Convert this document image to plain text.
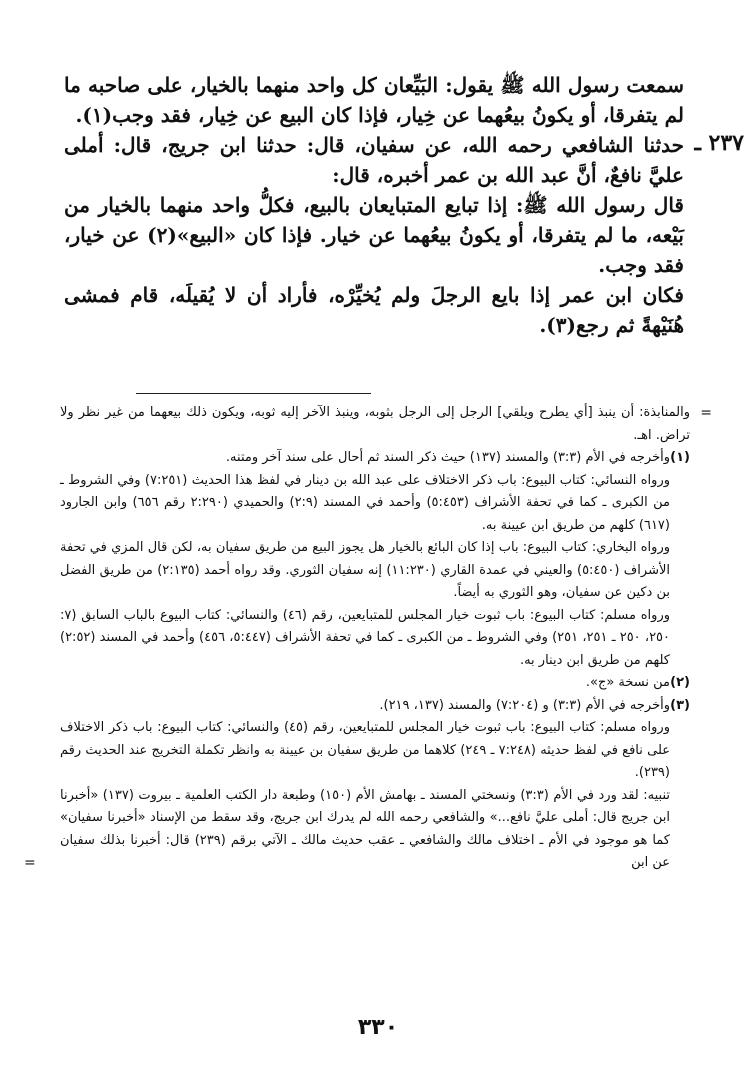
سمعت رسول الله ﷺ يقول: البَيِّعان كل واحد منهما بالخيار، على صاحبه ما لم يتفرقا، أو يكونُ بيعُهما عن خِيار، فإذا كان البيع عن خِيار، فقد وجب(١).

٢٣٧ ـ

حدثنا الشافعي رحمه الله، عن سفيان، قال: حدثنا ابن جريج، قال: أملى عليَّ نافعٌ، أنَّ عبد الله بن عمر أخبره، قال:

قال رسول الله ﷺ: إذا تبايع المتبايعان بالبيع، فكلُّ واحد منهما بالخيار من بَيْعه، ما لم يتفرقا، أو يكونُ بيعُهما عن خيار. فإذا كان «البيع»(٢) عن خيار، فقد وجب.

فكان ابن عمر إذا بايع الرجلَ ولم يُخيِّرْه، فأراد أن لا يُقيلَه، قام فمشى هُنَيْهةً ثم رجع(٣).

=

والمنابذة: أن ينبذ [أي يطرح ويلقي] الرجل إلى الرجل بثوبه، وينبذ الآخر إليه ثوبه، ويكون ذلك بيعهما من غير نظر ولا تراض. اهـ.

(١)

وأخرجه في الأم (٣:٣) والمسند (١٣٧) حيث ذكر السند ثم أحال على سند آخر ومتنه.

ورواه النسائي: كتاب البيوع: باب ذكر الاختلاف على عبد الله بن دينار في لفظ هذا الحديث (٧:٢٥١) وفي الشروط ـ من الكبرى ـ كما في تحفة الأشراف (٥:٤٥٣) وأحمد في المسند (٢:٩) والحميدي (٢:٢٩٠ رقم ٦٥٦) وابن الجارود (٦١٧) كلهم من طريق ابن عيينة به.

ورواه البخاري: كتاب البيوع: باب إذا كان البائع بالخيار هل يجوز البيع من طريق سفيان به، لكن قال المزي في تحفة الأشراف (٥:٤٥٠) والعيني في عمدة القاري (١١:٢٣٠) إنه سفيان الثوري. وقد رواه أحمد (٢:١٣٥) من طريق الفضل بن دكين عن سفيان، وهو الثوري به أيضاً.

ورواه مسلم: كتاب البيوع: باب ثبوت خيار المجلس للمتبايعين، رقم (٤٦) والنسائي: كتاب البيوع بالباب السابق (٧: ٢٥٠، ٢٥٠ ـ ٢٥١، ٢٥١) وفي الشروط ـ من الكبرى ـ كما في تحفة الأشراف (٥:٤٤٧، ٤٥٦) وأحمد في المسند (٢:٥٢) كلهم من طريق ابن دينار به.

(٢)

من نسخة «ج».

(٣)

وأخرجه في الأم (٣:٣) و (٧:٢٠٤) والمسند (١٣٧، ٢١٩).

ورواه مسلم: كتاب البيوع: باب ثبوت خيار المجلس للمتبايعين، رقم (٤٥) والنسائي: كتاب البيوع: باب ذكر الاختلاف على نافع في لفظ حديثه (٧:٢٤٨ ـ ٢٤٩) كلاهما من طريق سفيان بن عيينة به وانظر تكملة التخريج عند الحديث رقم (٢٣٩).

تنبيه: لقد ورد في الأم (٣:٣) ونسختي المسند ـ بهامش الأم (١٥٠) وطبعة دار الكتب العلمية ـ بيروت (١٣٧) «أخبرنا ابن جريج قال: أملى عليَّ نافع...» والشافعي رحمه الله لم يدرك ابن جريج، وقد سقط من الإسناد «أخبرنا سفيان» كما هو موجود في الأم ـ اختلاف مالك والشافعي ـ عقب حديث مالك ـ الآتي برقم (٢٣٩) قال: أخبرنا بذلك سفيان عن ابن

=
٣٣٠
